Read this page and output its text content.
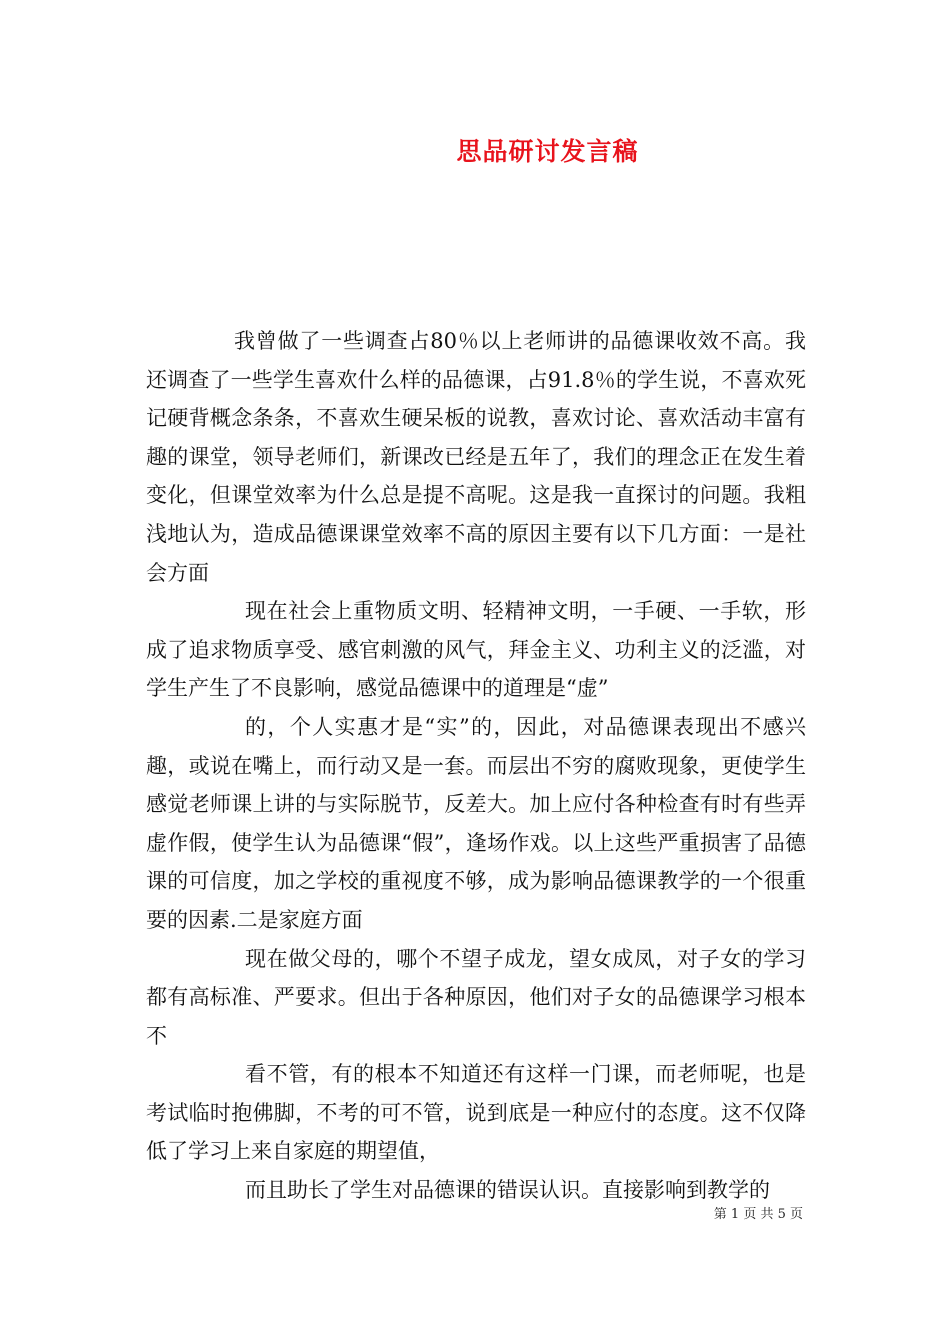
思品研讨发言稿

我曾做了一些调查占80％以上老师讲的品德课收效不高。我还调查了一些学生喜欢什么样的品德课，占91.8％的学生说，不喜欢死记硬背概念条条，不喜欢生硬呆板的说教，喜欢讨论、喜欢活动丰富有趣的课堂，领导老师们，新课改已经是五年了，我们的理念正在发生着变化，但课堂效率为什么总是提不高呢。这是我一直探讨的问题。我粗浅地认为，造成品德课课堂效率不高的原因主要有以下几方面：一是社会方面

现在社会上重物质文明、轻精神文明，一手硬、一手软，形成了追求物质享受、感官刺激的风气，拜金主义、功利主义的泛滥，对学生产生了不良影响，感觉品德课中的道理是“虚”

的，个人实惠才是“实”的，因此，对品德课表现出不感兴趣，或说在嘴上，而行动又是一套。而层出不穷的腐败现象，更使学生感觉老师课上讲的与实际脱节，反差大。加上应付各种检查有时有些弄虚作假，使学生认为品德课“假”，逢场作戏。以上这些严重损害了品德课的可信度，加之学校的重视度不够，成为影响品德课教学的一个很重要的因素.二是家庭方面

现在做父母的，哪个不望子成龙，望女成凤，对子女的学习都有高标准、严要求。但出于各种原因，他们对子女的品德课学习根本不

看不管，有的根本不知道还有这样一门课，而老师呢，也是考试临时抱佛脚，不考的可不管，说到底是一种应付的态度。这不仅降低了学习上来自家庭的期望值，

而且助长了学生对品德课的错误认识。直接影响到教学的

第 1 页 共 5 页
